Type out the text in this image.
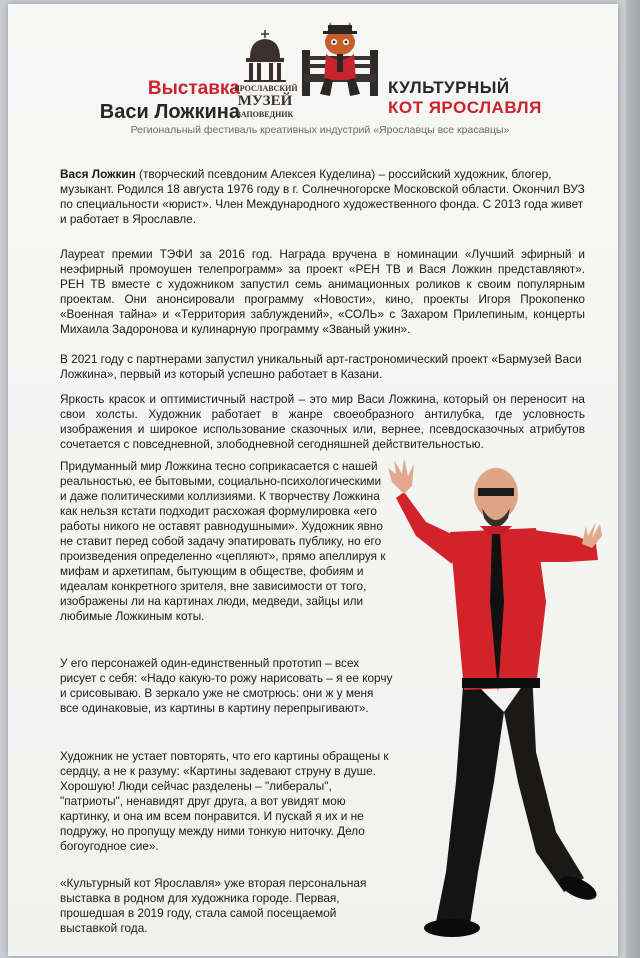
Выставка
Васи Ложкина
ЯРОСЛАВСКИЙ
МУЗЕЙ
ЗАПОВЕДНИК
КУЛЬТУРНЫЙ
КОТ ЯРОСЛАВЛЯ
Региональный фестиваль креативных индустрий «Ярославцы все красавцы»
Вася Ложкин (творческий псевдоним Алексея Куделина) – российский художник, блогер, музыкант. Родился 18 августа 1976 году в г. Солнечногорске Московской области. Окончил ВУЗ по специальности «юрист». Член Международного художественного фонда. С 2013 года живет и работает в Ярославле.
Лауреат премии ТЭФИ за 2016 год. Награда вручена в номинации «Лучший эфирный и неэфирный промоушен телепрограмм» за проект «РЕН ТВ и Вася Ложкин представляют». РЕН ТВ вместе с художником запустил семь анимационных роликов к своим популярным проектам. Они анонсировали программу «Новости», кино, проекты Игоря Прокопенко «Военная тайна» и «Территория заблуждений», «СОЛЬ» с Захаром Прилепиным, концерты Михаила Задоронова и кулинарную программу «Званый ужин».
В 2021 году с партнерами запустил уникальный арт-гастрономический проект «Бармузей Васи Ложкина», первый из который успешно работает в Казани.
Яркость красок и оптимистичный настрой – это мир Васи Ложкина, который он переносит на свои холсты. Художник работает в жанре своеобразного антилубка, где условность изображения и широкое использование сказочных или, вернее, псевдосказочных атрибутов сочетается с повседневной, злободневной сегодняшней действительностью.
Придуманный мир Ложкина тесно соприкасается с нашей реальностью, ее бытовыми, социально-психологическими и даже политическими коллизиями. К творчеству Ложкина как нельзя кстати подходит расхожая формулировка «его работы никого не оставят равнодушными». Художник явно не ставит перед собой задачу эпатировать публику, но его произведения определенно «цепляют», прямо апеллируя к мифам и архетипам, бытующим в обществе, фобиям и идеалам конкретного зрителя, вне зависимости от того, изображены ли на картинах люди, медведи, зайцы или любимые Ложкиным коты.
У его персонажей один-единственный прототип – всех рисует с себя: «Надо какую-то рожу нарисовать – я ее корчу и срисовываю. В зеркало уже не смотрюсь: они ж у меня все одинаковые, из картины в картину перепрыгивают».
Художник не устает повторять, что его картины обращены к сердцу, а не к разуму: «Картины задевают струну в душе. Хорошую! Люди сейчас разделены – "либералы", "патриоты", ненавидят друг друга, а вот увидят мою картинку, и она им всем понравится. И пускай я их и не подружу, но пропущу между ними тонкую ниточку. Дело богоугодное сие».
«Культурный кот Ярославля» уже вторая персональная выставка в родном для художника городе. Первая, прошедшая в 2019 году, стала самой посещаемой выставкой года.
